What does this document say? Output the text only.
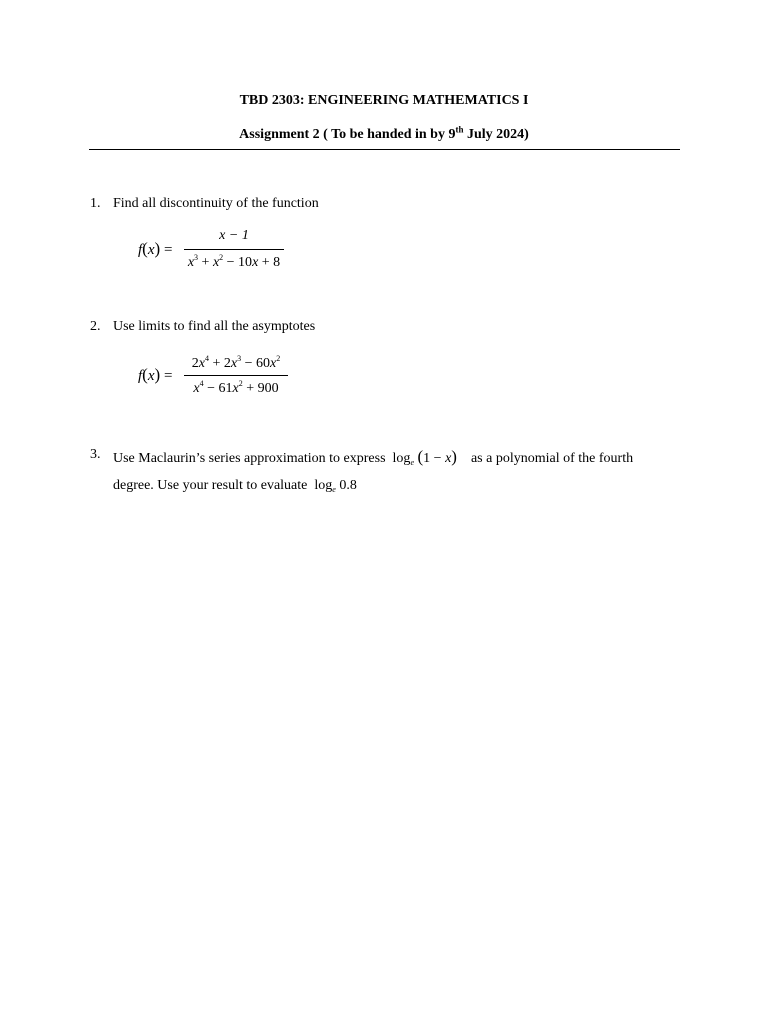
TBD 2303: ENGINEERING MATHEMATICS I
Assignment 2 ( To be handed in by 9th July 2024)
1. Find all discontinuity of the function
f(x) =
x − 1
$x^3 + x^2 - 10x + 8$
2. Use limits to find all the asymptotes
f(x) =
$2x^4 + 2x^3 - 60x^2$
$x^4 - 61x^2 + 900$
3. Use Maclaurin’s series approximation to express $\log_e (1 - x)$ as a polynomial of the fourth
degree. Use your result to evaluate $\log_e 0.8$
